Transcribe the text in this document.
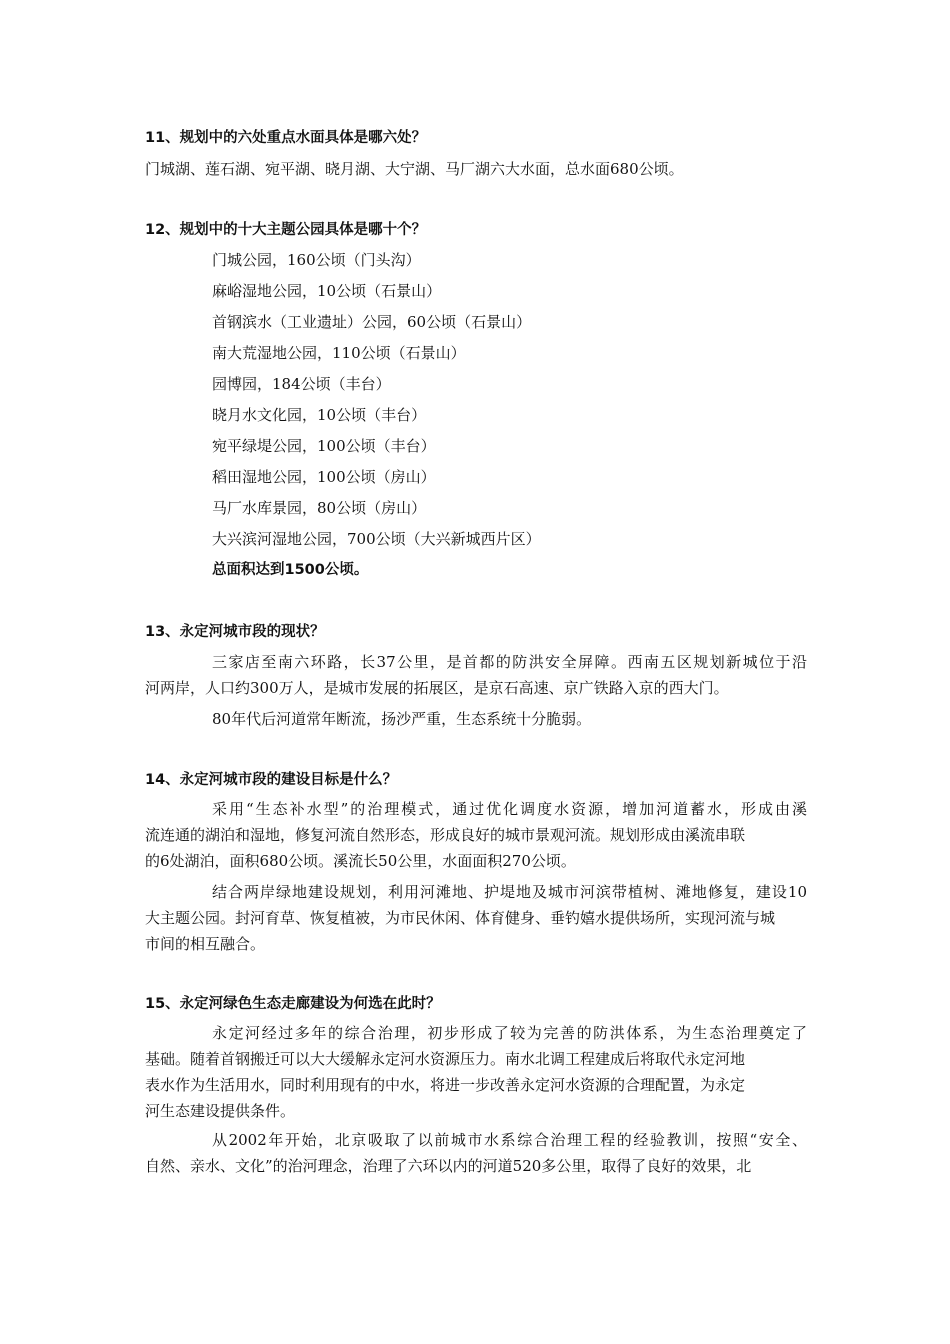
11、规划中的六处重点水面具体是哪六处？
门城湖、莲石湖、宛平湖、晓月湖、大宁湖、马厂湖六大水面，总水面680公顷。
12、规划中的十大主题公园具体是哪十个？
门城公园，160公顷（门头沟）
麻峪湿地公园，10公顷（石景山）
首钢滨水（工业遗址）公园，60公顷（石景山）
南大荒湿地公园，110公顷（石景山）
园博园，184公顷（丰台）
晓月水文化园，10公顷（丰台）
宛平绿堤公园，100公顷（丰台）
稻田湿地公园，100公顷（房山）
马厂水库景园，80公顷（房山）
大兴滨河湿地公园，700公顷（大兴新城西片区）
总面积达到1500公顷。
13、永定河城市段的现状？
三家店至南六环路，长37公里，是首都的防洪安全屏障。西南五区规划新城位于沿
河两岸，人口约300万人，是城市发展的拓展区，是京石高速、京广铁路入京的西大门。
80年代后河道常年断流，扬沙严重，生态系统十分脆弱。
14、永定河城市段的建设目标是什么？
采用“生态补水型”的治理模式，通过优化调度水资源，增加河道蓄水，形成由溪
流连通的湖泊和湿地，修复河流自然形态，形成良好的城市景观河流。规划形成由溪流串联
的6处湖泊，面积680公顷。溪流长50公里，水面面积270公顷。
结合两岸绿地建设规划，利用河滩地、护堤地及城市河滨带植树、滩地修复，建设10
大主题公园。封河育草、恢复植被，为市民休闲、体育健身、垂钓嬉水提供场所，实现河流与城
市间的相互融合。
15、永定河绿色生态走廊建设为何选在此时？
永定河经过多年的综合治理，初步形成了较为完善的防洪体系，为生态治理奠定了
基础。随着首钢搬迁可以大大缓解永定河水资源压力。南水北调工程建成后将取代永定河地
表水作为生活用水，同时利用现有的中水，将进一步改善永定河水资源的合理配置，为永定
河生态建设提供条件。
从2002年开始，北京吸取了以前城市水系综合治理工程的经验教训，按照“安全、
自然、亲水、文化”的治河理念，治理了六环以内的河道520多公里，取得了良好的效果，北
